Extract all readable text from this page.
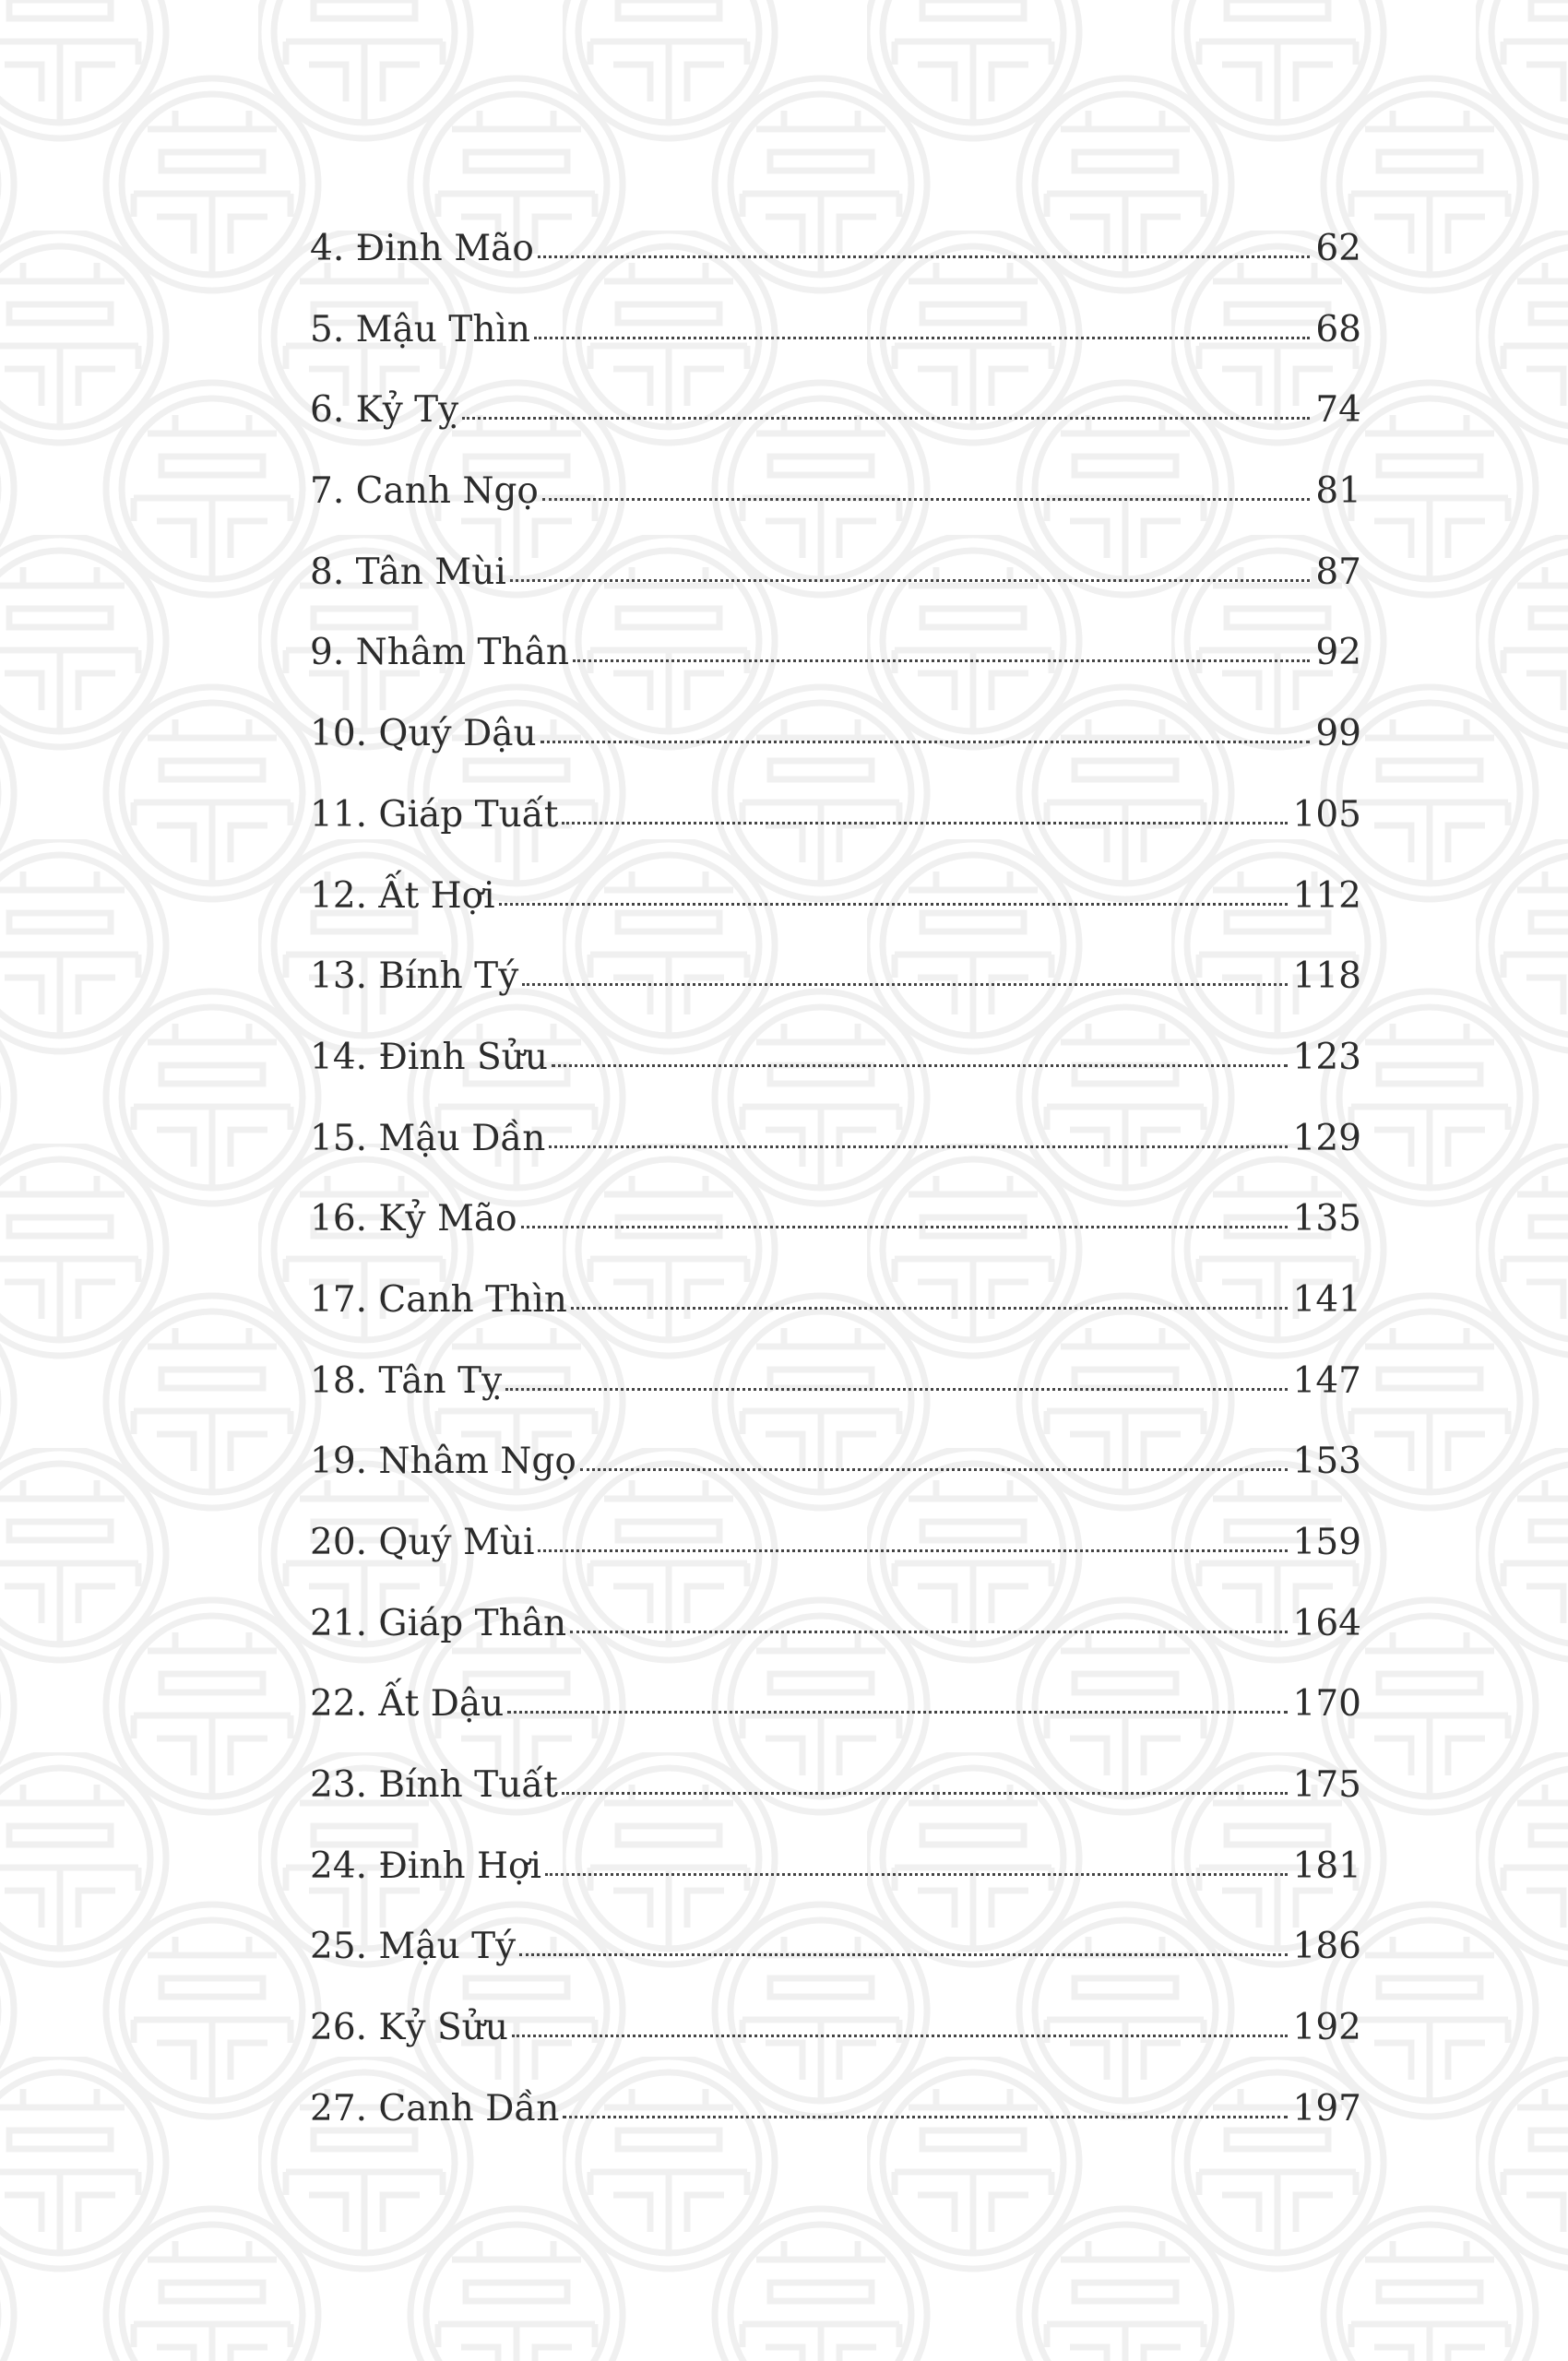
4. Đinh Mão	62
5. Mậu Thìn	68
6. Kỷ Tỵ	74
7. Canh Ngọ	81
8. Tân Mùi	87
9. Nhâm Thân	92
10. Quý Dậu	99
11. Giáp Tuất	105
12. Ất Hợi	112
13. Bính Tý	118
14. Đinh Sửu	123
15. Mậu Dần	129
16. Kỷ Mão	135
17. Canh Thìn	141
18. Tân Tỵ	147
19. Nhâm Ngọ	153
20. Quý Mùi	159
21. Giáp Thân	164
22. Ất Dậu	170
23. Bính Tuất	175
24. Đinh Hợi	181
25. Mậu Tý	186
26. Kỷ Sửu	192
27. Canh Dần	197
